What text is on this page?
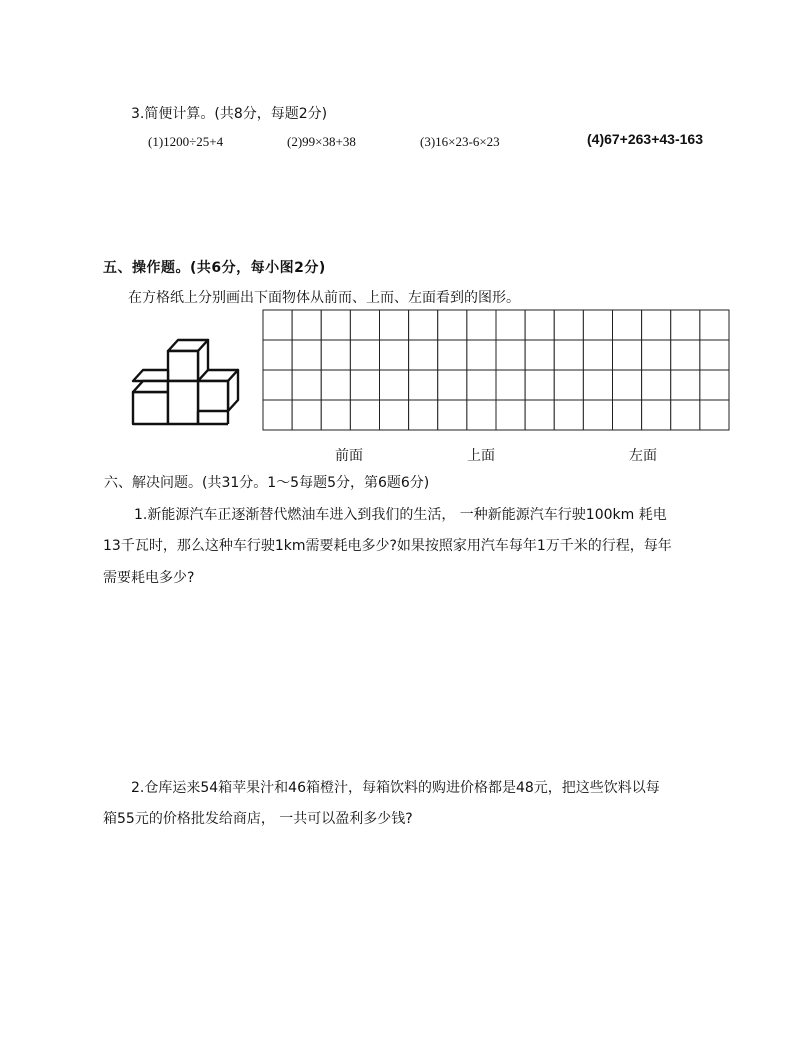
3.简便计算。(共8分，每题2分)
(1)1200÷25+4	(2)99×38+38	(3)16×23-6×23	(4)67+263+43-163
五、操作题。(共6分，每小图2分)
在方格纸上分别画出下面物体从前而、上而、左面看到的图形。
前面	上面	左面
六、解决问题。(共31分。1～5每题5分，第6题6分)
1.新能源汽车正逐渐替代燃油车进入到我们的生活， 一种新能源汽车行驶100km 耗电
13千瓦时，那么这种车行驶1km需要耗电多少?如果按照家用汽车每年1万千米的行程，每年
需要耗电多少?
2.仓库运来54箱苹果汁和46箱橙汁，每箱饮料的购进价格都是48元，把这些饮料以每
箱55元的价格批发给商店， 一共可以盈利多少钱?
